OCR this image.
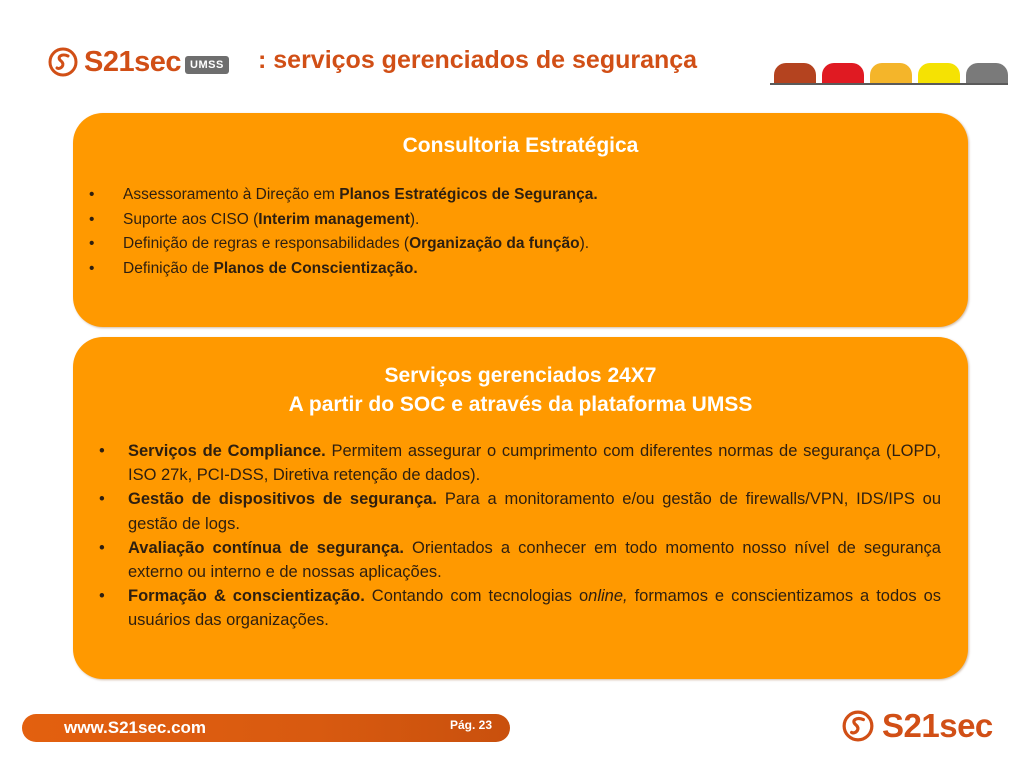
S21sec UMSS : serviços gerenciados de segurança
Consultoria Estratégica
• Assessoramento à Direção em Planos Estratégicos de Segurança.
• Suporte aos CISO (Interim management).
• Definição de regras e responsabilidades (Organização da função).
• Definição de Planos de Conscientização.
Serviços gerenciados 24X7
A partir do SOC e através da plataforma UMSS
• Serviços de Compliance. Permitem assegurar o cumprimento com diferentes normas de segurança (LOPD, ISO 27k, PCI-DSS, Diretiva retenção de dados).
• Gestão de dispositivos de segurança. Para a monitoramento e/ou gestão de firewalls/VPN, IDS/IPS ou gestão de logs.
• Avaliação contínua de segurança. Orientados a conhecer em todo momento nosso nível de segurança externo ou interno e de nossas aplicações.
• Formação & conscientização. Contando com tecnologias online, formamos e conscientizamos a todos os usuários das organizações.
www.S21sec.com	Pág. 23	S21sec
